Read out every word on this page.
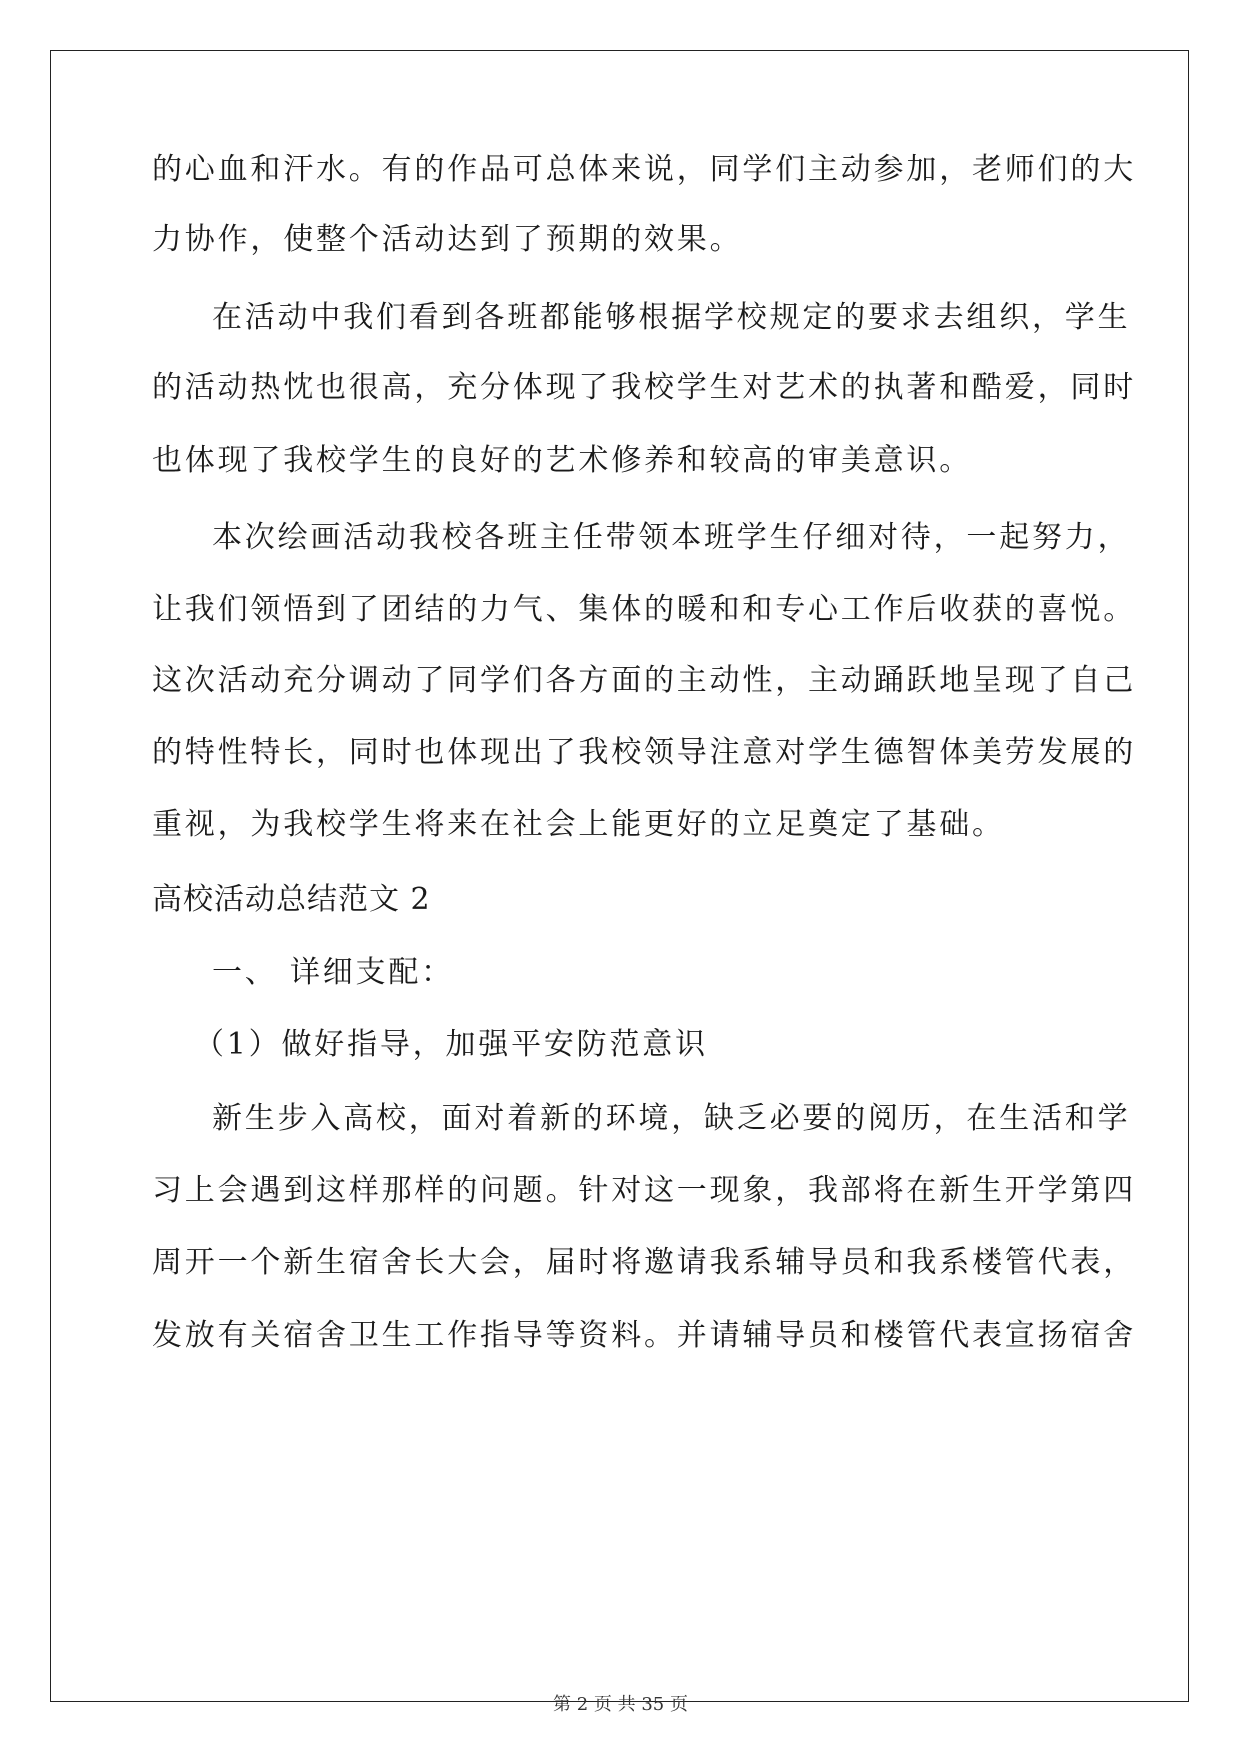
的心血和汗水。有的作品可总体来说，同学们主动参加，老师们的大

力协作，使整个活动达到了预期的效果。

在活动中我们看到各班都能够根据学校规定的要求去组织，学生

的活动热忱也很高，充分体现了我校学生对艺术的执著和酷爱，同时

也体现了我校学生的良好的艺术修养和较高的审美意识。

本次绘画活动我校各班主任带领本班学生仔细对待，一起努力，

让我们领悟到了团结的力气、集体的暖和和专心工作后收获的喜悦。

这次活动充分调动了同学们各方面的主动性，主动踊跃地呈现了自己

的特性特长，同时也体现出了我校领导注意对学生德智体美劳发展的

重视，为我校学生将来在社会上能更好的立足奠定了基础。

高校活动总结范文 2

一、 详细支配：

（1）做好指导，加强平安防范意识

新生步入高校，面对着新的环境，缺乏必要的阅历，在生活和学

习上会遇到这样那样的问题。针对这一现象，我部将在新生开学第四

周开一个新生宿舍长大会，届时将邀请我系辅导员和我系楼管代表，

发放有关宿舍卫生工作指导等资料。并请辅导员和楼管代表宣扬宿舍

第 2 页 共 35 页
